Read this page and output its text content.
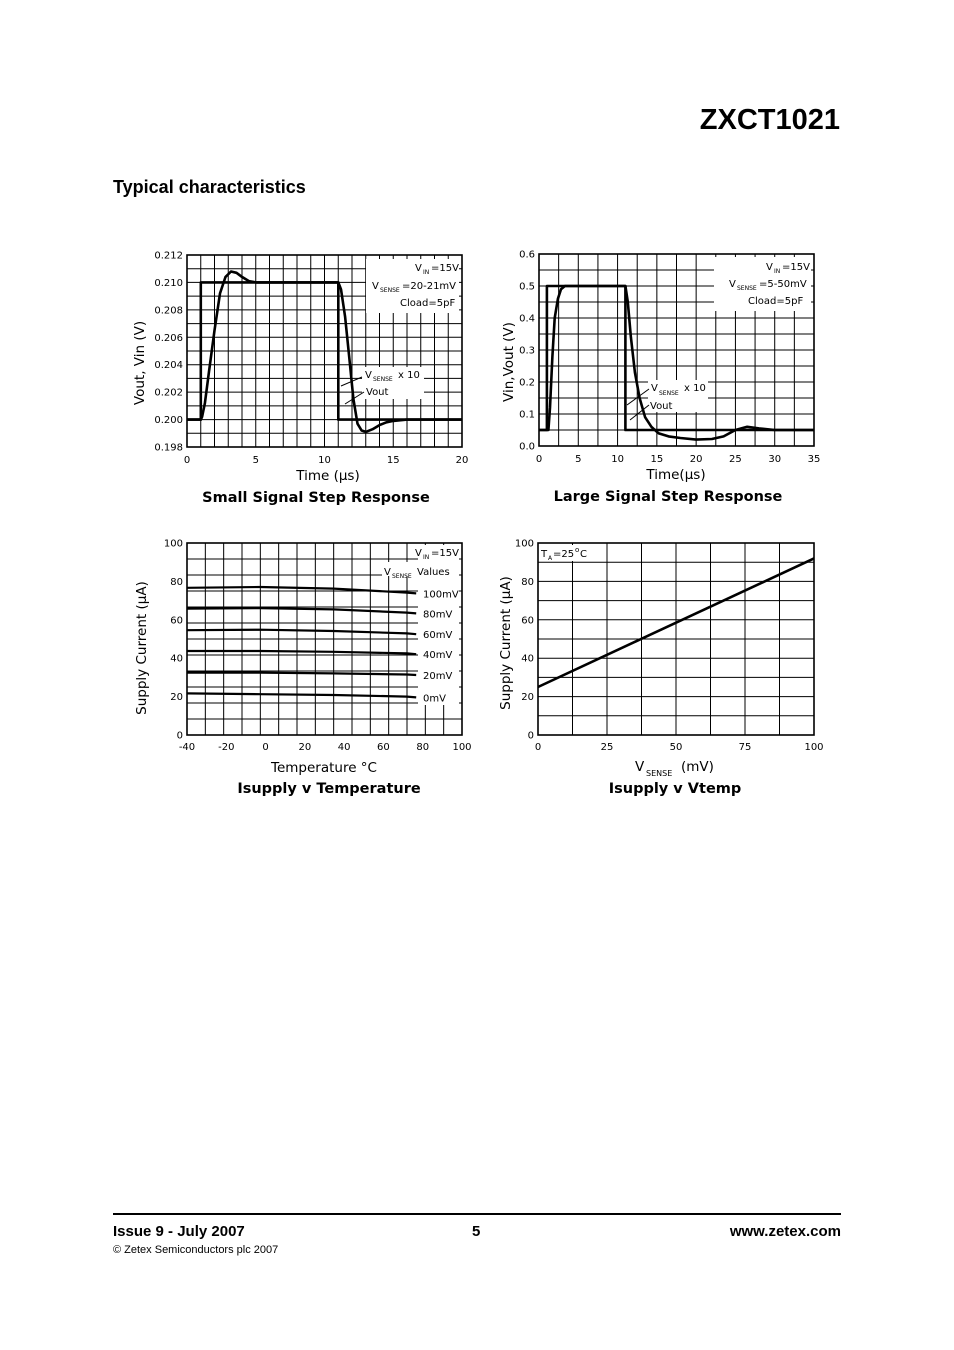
ZXCT1021
Typical characteristics
V IN =15V
V SENSE =20-21mV
Cload=5pF
V SENSE x 10
Vout
0	5	10	15	20
0.198
0.200
0.202
0.204
0.206
0.208
0.210
0.212
Time (µs)
Vout, Vin (V)
Small Signal Step Response
V IN =15V
V SENSE =5-50mV
Cload=5pF
V SENSE x 10
Vout
0	5	10	15	20	25	30	35
0.0
0.1
0.2
0.3
0.4
0.5
0.6
Time(µs)
Vin,Vout (V)
Large Signal Step Response
V IN =15V
V SENSE Values
100mV
80mV
60mV
40mV
20mV
0mV
-40 -20	0	20	40	60	80 100
0
20
40
60
80
100
Temperature °C
Supply Current (µA)
Isupply v Temperature
T A =25 o C
0	25	50	75	100
0
20
40
60
80
100
V SENSE (mV)
Supply Current (µA)
Isupply v Vtemp
Issue 9 - July 2007	5	www.zetex.com
© Zetex Semiconductors plc 2007
